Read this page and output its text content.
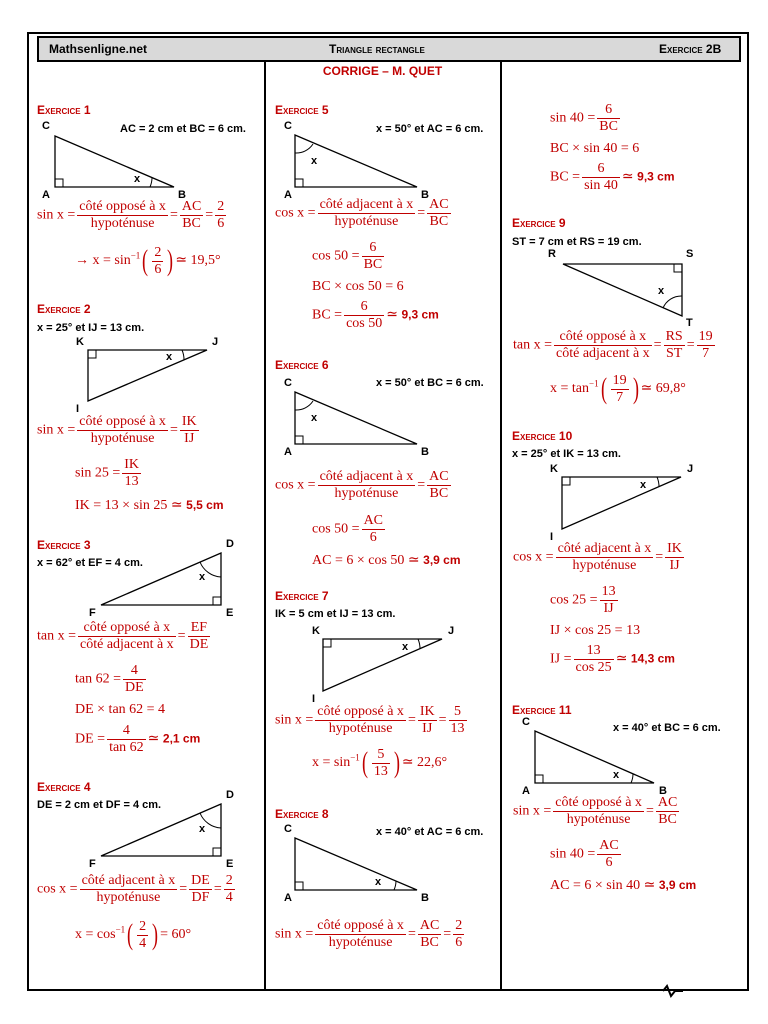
Mathsenligne.net	Triangle rectangle	Exercice 2B
CORRIGE – M. QUET
Exercice 1
AC = 2 cm et BC = 6 cm.
C
A	B
x
sin x =
côté opposé à x
hypoténuse
= $\frac{AC}{BC} = \frac{2}{6}$
→ $x = \sin^{-1}( \frac{2}{6}$ ) ≃ 19,5°
Exercice 2
x = 25° et IJ = 13 cm.
K	J
I
x
sin x =
côté opposé à x
hypoténuse
= $\frac{IK}{IJ}$
$\sin 25 = \frac{IK}{13}$
IK = 13 × sin 25 ≃ 5,5 cm
Exercice 3
x = 62° et EF = 4 cm.
D
F	E
x
tan x =
côté opposé à x
côté adjacent à x
= $\frac{EF}{DE}$
$\tan 62 = \frac{4}{DE}$
DE × tan 62 = 4
DE = $\frac{4}{\tan 62}$ ≃ 2,1 cm
Exercice 4
DE = 2 cm et DF = 4 cm.
D
F	E
x
cos x =
côté adjacent à x
hypoténuse
= $\frac{DE}{DF} = \frac{2}{4}$
$x = \cos^{-1}( \frac{2}{4}$ ) = 60°
Exercice 5
x = 50° et AC = 6 cm.
C
A	B
x
cos x =
côté adjacent à x
hypoténuse
= $\frac{AC}{BC}$
$\cos 50 = \frac{6}{BC}$
BC × cos 50 = 6
BC = $\frac{6}{\cos 50}$ ≃ 9,3 cm
Exercice 6
x = 50° et BC = 6 cm.
C
A	B
x
cos x =
côté adjacent à x
hypoténuse
= $\frac{AC}{BC}$
$\cos 50 = \frac{AC}{6}$
AC = 6 × cos 50 ≃ 3,9 cm
Exercice 7
IK = 5 cm et IJ = 13 cm.
K	J
I
x
sin x =
côté opposé à x
hypoténuse
= $\frac{IK}{IJ} = \frac{5}{13}$
$x = \sin^{-1}( \frac{5}{13}$ ) ≃ 22,6°
Exercice 8
x = 40° et AC = 6 cm.
C
A	B
x
sin x =
côté opposé à x
hypoténuse
= $\frac{AC}{BC} = \frac{2}{6}$
$\sin 40 = \frac{6}{BC}$
BC × sin 40 = 6
BC = $\frac{6}{\sin 40}$ ≃ 9,3 cm
Exercice 9
ST = 7 cm et RS = 19 cm.
R	S
T
x
tan x =
côté opposé à x
côté adjacent à x
= $\frac{RS}{ST} = \frac{19}{7}$
$x = \tan^{-1}( \frac{19}{7}$ ) ≃ 69,8°
Exercice 10
x = 25° et IK = 13 cm.
K	J
I
x
cos x =
côté adjacent à x
hypoténuse
= $\frac{IK}{IJ}$
$\cos 25 = \frac{13}{IJ}$
IJ × cos 25 = 13
IJ = $\frac{13}{\cos 25}$ ≃ 14,3 cm
Exercice 11
x = 40° et BC = 6 cm.
C
A	B
x
sin x =
côté opposé à x
hypoténuse
= $\frac{AC}{BC}$
$\sin 40 = \frac{AC}{6}$
AC = 6 × sin 40 ≃ 3,9 cm
